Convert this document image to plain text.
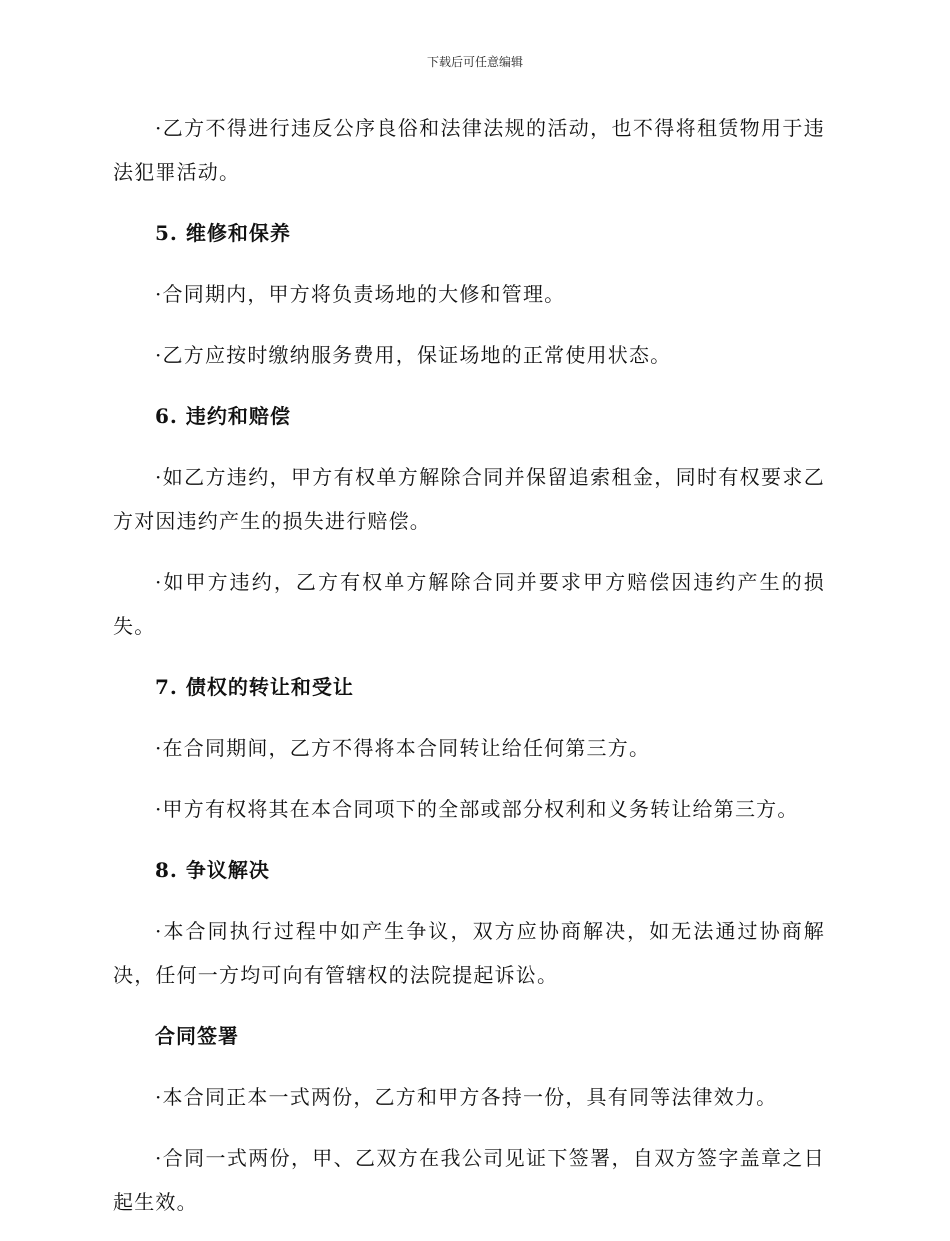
下载后可任意编辑

·乙方不得进行违反公序良俗和法律法规的活动，也不得将租赁物用于违法犯罪活动。

5. 维修和保养

·合同期内，甲方将负责场地的大修和管理。

·乙方应按时缴纳服务费用，保证场地的正常使用状态。

6. 违约和赔偿

·如乙方违约，甲方有权单方解除合同并保留追索租金，同时有权要求乙方对因违约产生的损失进行赔偿。

·如甲方违约，乙方有权单方解除合同并要求甲方赔偿因违约产生的损失。

7. 债权的转让和受让

·在合同期间，乙方不得将本合同转让给任何第三方。

·甲方有权将其在本合同项下的全部或部分权利和义务转让给第三方。

8. 争议解决

·本合同执行过程中如产生争议，双方应协商解决，如无法通过协商解决，任何一方均可向有管辖权的法院提起诉讼。

合同签署

·本合同正本一式两份，乙方和甲方各持一份，具有同等法律效力。

·合同一式两份，甲、乙双方在我公司见证下签署，自双方签字盖章之日起生效。
